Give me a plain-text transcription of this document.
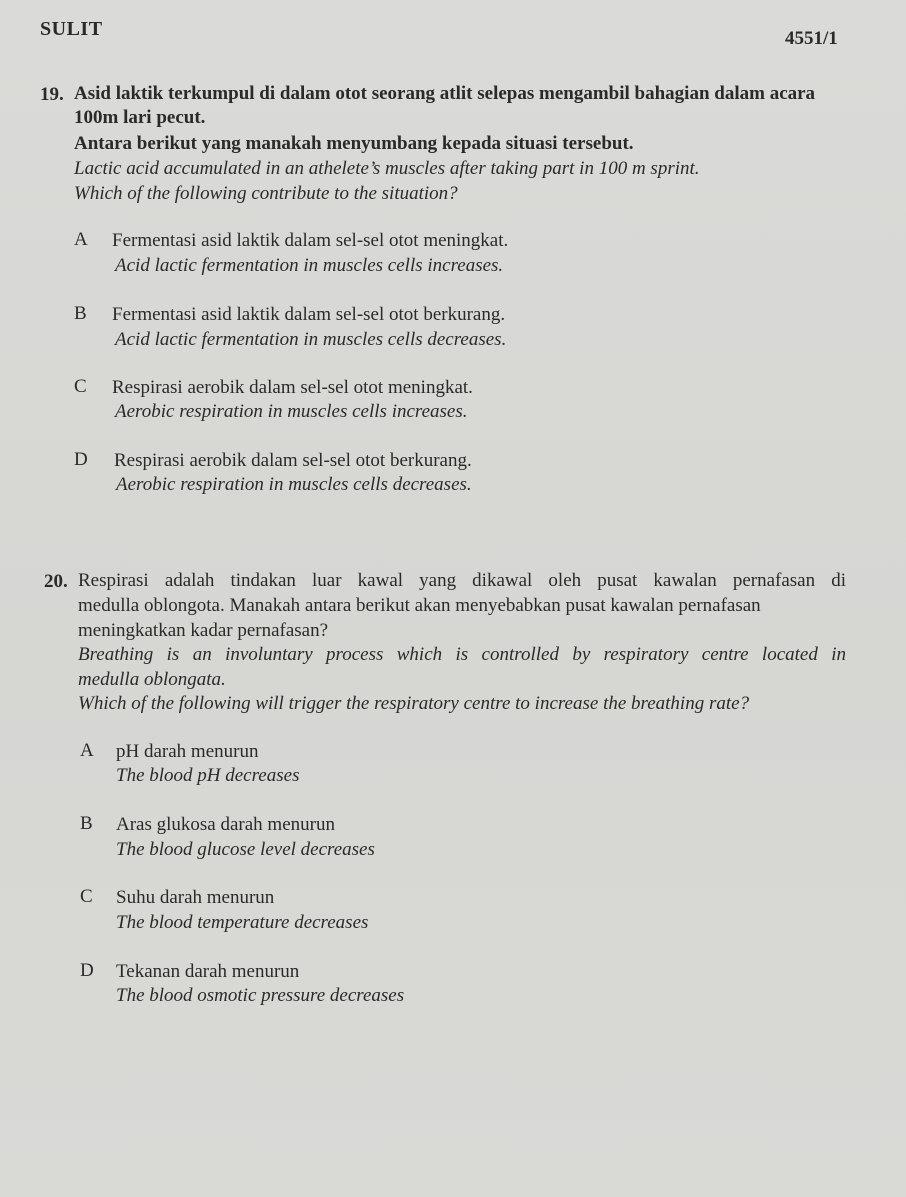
SULIT	4551/1
19. Asid laktik terkumpul di dalam otot seorang atlit selepas mengambil bahagian dalam acara
100m lari pecut.
Antara berikut yang manakah menyumbang kepada situasi tersebut.
Lactic acid accumulated in an athelete’s muscles after taking part in 100 m sprint.
Which of the following contribute to the situation?
A Fermentasi asid laktik dalam sel-sel otot meningkat.
Acid lactic fermentation in muscles cells increases.
B Fermentasi asid laktik dalam sel-sel otot berkurang.
Acid lactic fermentation in muscles cells decreases.
C Respirasi aerobik dalam sel-sel otot meningkat.
Aerobic respiration in muscles cells increases.
D Respirasi aerobik dalam sel-sel otot berkurang.
Aerobic respiration in muscles cells decreases.
20. Respirasi adalah tindakan luar kawal yang dikawal oleh pusat kawalan pernafasan di
medulla oblongota. Manakah antara berikut akan menyebabkan pusat kawalan pernafasan
meningkatkan kadar pernafasan?
Breathing is an involuntary process which is controlled by respiratory centre located in
medulla oblongata.
Which of the following will trigger the respiratory centre to increase the breathing rate?
A pH darah menurun
The blood pH decreases
B Aras glukosa darah menurun
The blood glucose level decreases
C Suhu darah menurun
The blood temperature decreases
D Tekanan darah menurun
The blood osmotic pressure decreases
